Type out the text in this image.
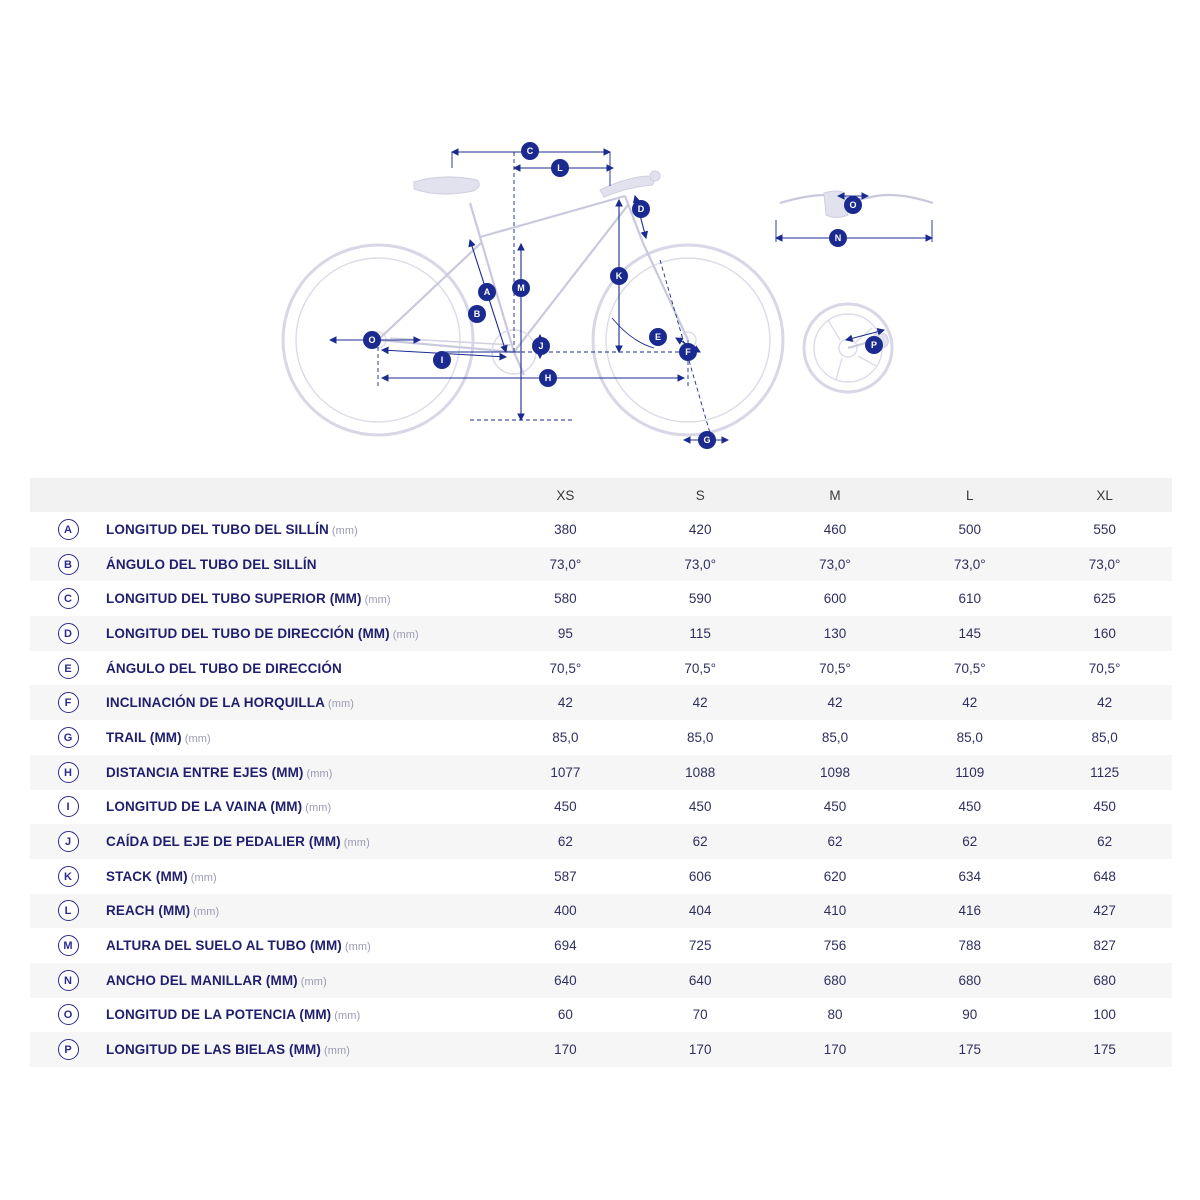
C
L
D
K
A	M
B
O
J
I
H
E
F
G
N
O
P
		XS	S	M	L	XL
A	LONGITUD DEL TUBO DEL SILLÍN (mm)	380	420	460	500	550
B	ÁNGULO DEL TUBO DEL SILLÍN	73,0°	73,0°	73,0°	73,0°	73,0°
C	LONGITUD DEL TUBO SUPERIOR (MM) (mm)	580	590	600	610	625
D	LONGITUD DEL TUBO DE DIRECCIÓN (MM) (mm)	95	115	130	145	160
E	ÁNGULO DEL TUBO DE DIRECCIÓN	70,5°	70,5°	70,5°	70,5°	70,5°
F	INCLINACIÓN DE LA HORQUILLA (mm)	42	42	42	42	42
G	TRAIL (MM) (mm)	85,0	85,0	85,0	85,0	85,0
H	DISTANCIA ENTRE EJES (MM) (mm)	1077	1088	1098	1109	1125
I	LONGITUD DE LA VAINA (MM) (mm)	450	450	450	450	450
J	CAÍDA DEL EJE DE PEDALIER (MM) (mm)	62	62	62	62	62
K	STACK (MM) (mm)	587	606	620	634	648
L	REACH (MM) (mm)	400	404	410	416	427
M	ALTURA DEL SUELO AL TUBO (MM) (mm)	694	725	756	788	827
N	ANCHO DEL MANILLAR (MM) (mm)	640	640	680	680	680
O	LONGITUD DE LA POTENCIA (MM) (mm)	60	70	80	90	100
P	LONGITUD DE LAS BIELAS (MM) (mm)	170	170	170	175	175
